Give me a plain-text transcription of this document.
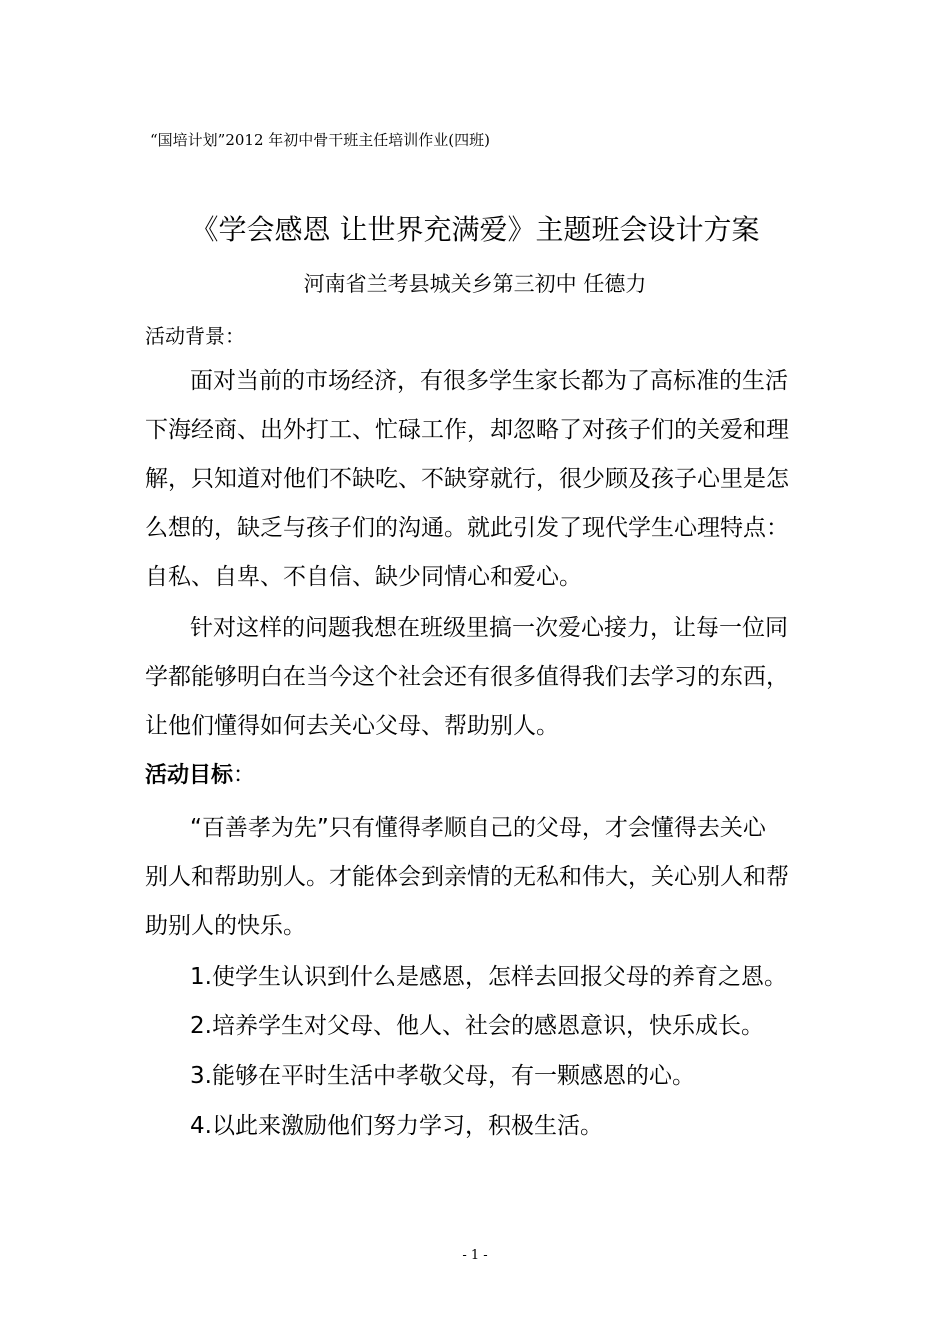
“国培计划”2012 年初中骨干班主任培训作业(四班)
《学会感恩 让世界充满爱》主题班会设计方案
河南省兰考县城关乡第三初中 任德力
活动背景：
面对当前的市场经济，有很多学生家长都为了高标准的生活
下海经商、出外打工、忙碌工作，却忽略了对孩子们的关爱和理
解，只知道对他们不缺吃、不缺穿就行，很少顾及孩子心里是怎
么想的，缺乏与孩子们的沟通。就此引发了现代学生心理特点：
自私、自卑、不自信、缺少同情心和爱心。
针对这样的问题我想在班级里搞一次爱心接力，让每一位同
学都能够明白在当今这个社会还有很多值得我们去学习的东西，
让他们懂得如何去关心父母、帮助别人。
活动目标：
“百善孝为先”只有懂得孝顺自己的父母，才会懂得去关心
别人和帮助别人。才能体会到亲情的无私和伟大，关心别人和帮
助别人的快乐。
1.使学生认识到什么是感恩，怎样去回报父母的养育之恩。
2.培养学生对父母、他人、社会的感恩意识，快乐成长。
3.能够在平时生活中孝敬父母，有一颗感恩的心。
4.以此来激励他们努力学习，积极生活。
- 1 -
